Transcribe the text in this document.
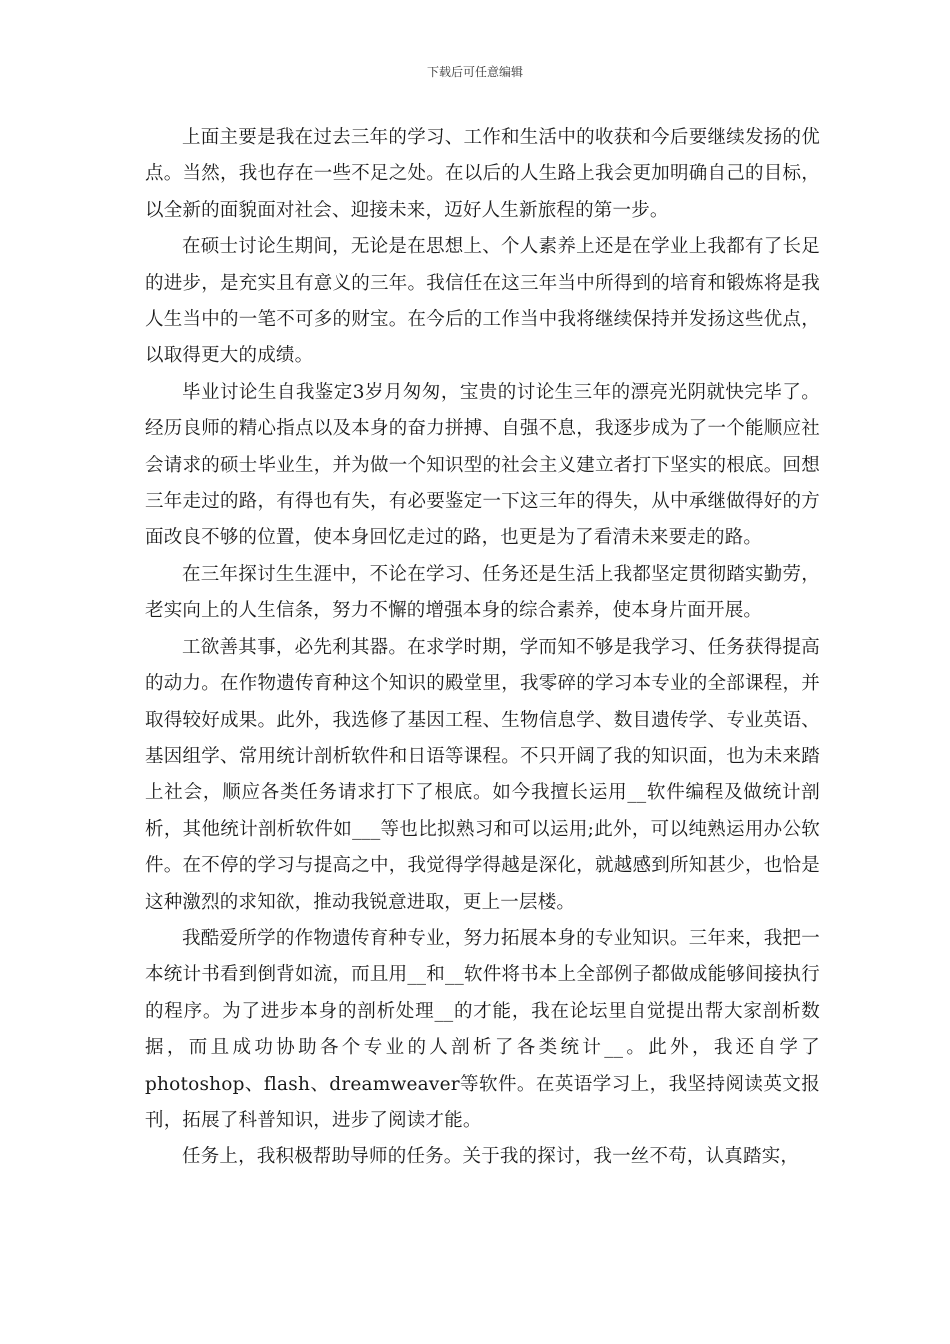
下载后可任意编辑

上面主要是我在过去三年的学习、工作和生活中的收获和今后要继续发扬的优点。当然，我也存在一些不足之处。在以后的人生路上我会更加明确自己的目标，以全新的面貌面对社会、迎接未来，迈好人生新旅程的第一步。

在硕士讨论生期间，无论是在思想上、个人素养上还是在学业上我都有了长足的进步，是充实且有意义的三年。我信任在这三年当中所得到的培育和锻炼将是我人生当中的一笔不可多的财宝。在今后的工作当中我将继续保持并发扬这些优点，以取得更大的成绩。

毕业讨论生自我鉴定3岁月匆匆，宝贵的讨论生三年的漂亮光阴就快完毕了。经历良师的精心指点以及本身的奋力拼搏、自强不息，我逐步成为了一个能顺应社会请求的硕士毕业生，并为做一个知识型的社会主义建立者打下坚实的根底。回想三年走过的路，有得也有失，有必要鉴定一下这三年的得失，从中承继做得好的方面改良不够的位置，使本身回忆走过的路，也更是为了看清未来要走的路。

在三年探讨生生涯中，不论在学习、任务还是生活上我都坚定贯彻踏实勤劳，老实向上的人生信条，努力不懈的增强本身的综合素养，使本身片面开展。

工欲善其事，必先利其器。在求学时期，学而知不够是我学习、任务获得提高的动力。在作物遗传育种这个知识的殿堂里，我零碎的学习本专业的全部课程，并取得较好成果。此外，我选修了基因工程、生物信息学、数目遗传学、专业英语、基因组学、常用统计剖析软件和日语等课程。不只开阔了我的知识面，也为未来踏上社会，顺应各类任务请求打下了根底。如今我擅长运用__软件编程及做统计剖析，其他统计剖析软件如___等也比拟熟习和可以运用;此外，可以纯熟运用办公软件。在不停的学习与提高之中，我觉得学得越是深化，就越感到所知甚少，也恰是这种激烈的求知欲，推动我锐意进取，更上一层楼。

我酷爱所学的作物遗传育种专业，努力拓展本身的专业知识。三年来，我把一本统计书看到倒背如流，而且用__和__软件将书本上全部例子都做成能够间接执行的程序。为了进步本身的剖析处理__的才能，我在论坛里自觉提出帮大家剖析数据，而且成功协助各个专业的人剖析了各类统计__。此外，我还自学了photoshop、flash、dreamweaver等软件。在英语学习上，我坚持阅读英文报刊，拓展了科普知识，进步了阅读才能。

任务上，我积极帮助导师的任务。关于我的探讨，我一丝不苟，认真踏实，
